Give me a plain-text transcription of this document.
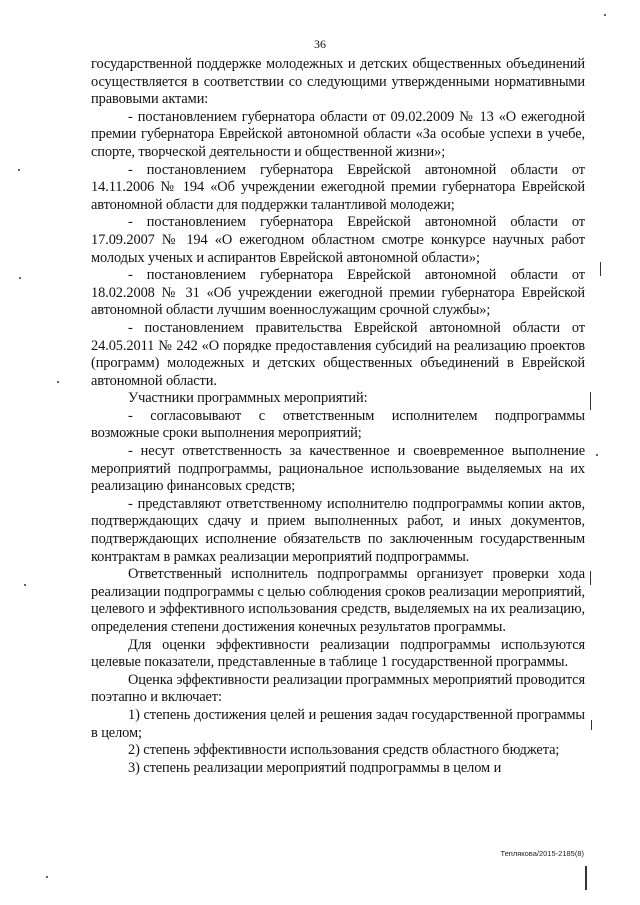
36

государственной поддержке молодежных и детских общественных объединений осуществляется в соответствии со следующими утвержденными нормативными правовыми актами:

- постановлением губернатора области от 09.02.2009 № 13 «О ежегодной премии губернатора Еврейской автономной области «За особые успехи в учебе, спорте, творческой деятельности и общественной жизни»;

- постановлением губернатора Еврейской автономной области от 14.11.2006 № 194 «Об учреждении ежегодной премии губернатора Еврейской автономной области для поддержки талантливой молодежи;

- постановлением губернатора Еврейской автономной области от 17.09.2007 № 194 «О ежегодном областном смотре конкурсе научных работ молодых ученых и аспирантов Еврейской автономной области»;

- постановлением губернатора Еврейской автономной области от 18.02.2008 № 31 «Об учреждении ежегодной премии губернатора Еврейской автономной области лучшим военнослужащим срочной службы»;

- постановлением правительства Еврейской автономной области от 24.05.2011 № 242 «О порядке предоставления субсидий на реализацию проектов (программ) молодежных и детских общественных объединений в Еврейской автономной области.

Участники программных мероприятий:

- согласовывают с ответственным исполнителем подпрограммы возможные сроки выполнения мероприятий;

- несут ответственность за качественное и своевременное выполнение мероприятий подпрограммы, рациональное использование выделяемых на их реализацию финансовых средств;

- представляют ответственному исполнителю подпрограммы копии актов, подтверждающих сдачу и прием выполненных работ, и иных документов, подтверждающих исполнение обязательств по заключенным государственным контрактам в рамках реализации мероприятий подпрограммы.

Ответственный исполнитель подпрограммы организует проверки хода реализации подпрограммы с целью соблюдения сроков реализации мероприятий, целевого и эффективного использования средств, выделяемых на их реализацию, определения степени достижения конечных результатов программы.

Для оценки эффективности реализации подпрограммы используются целевые показатели, представленные в таблице 1 государственной программы.

Оценка эффективности реализации программных мероприятий проводится поэтапно и включает:

1) степень достижения целей и решения задач государственной программы в целом;

2) степень эффективности использования средств областного бюджета;

3) степень реализации мероприятий подпрограммы в целом и

Теплякова/2015-2185(8)
